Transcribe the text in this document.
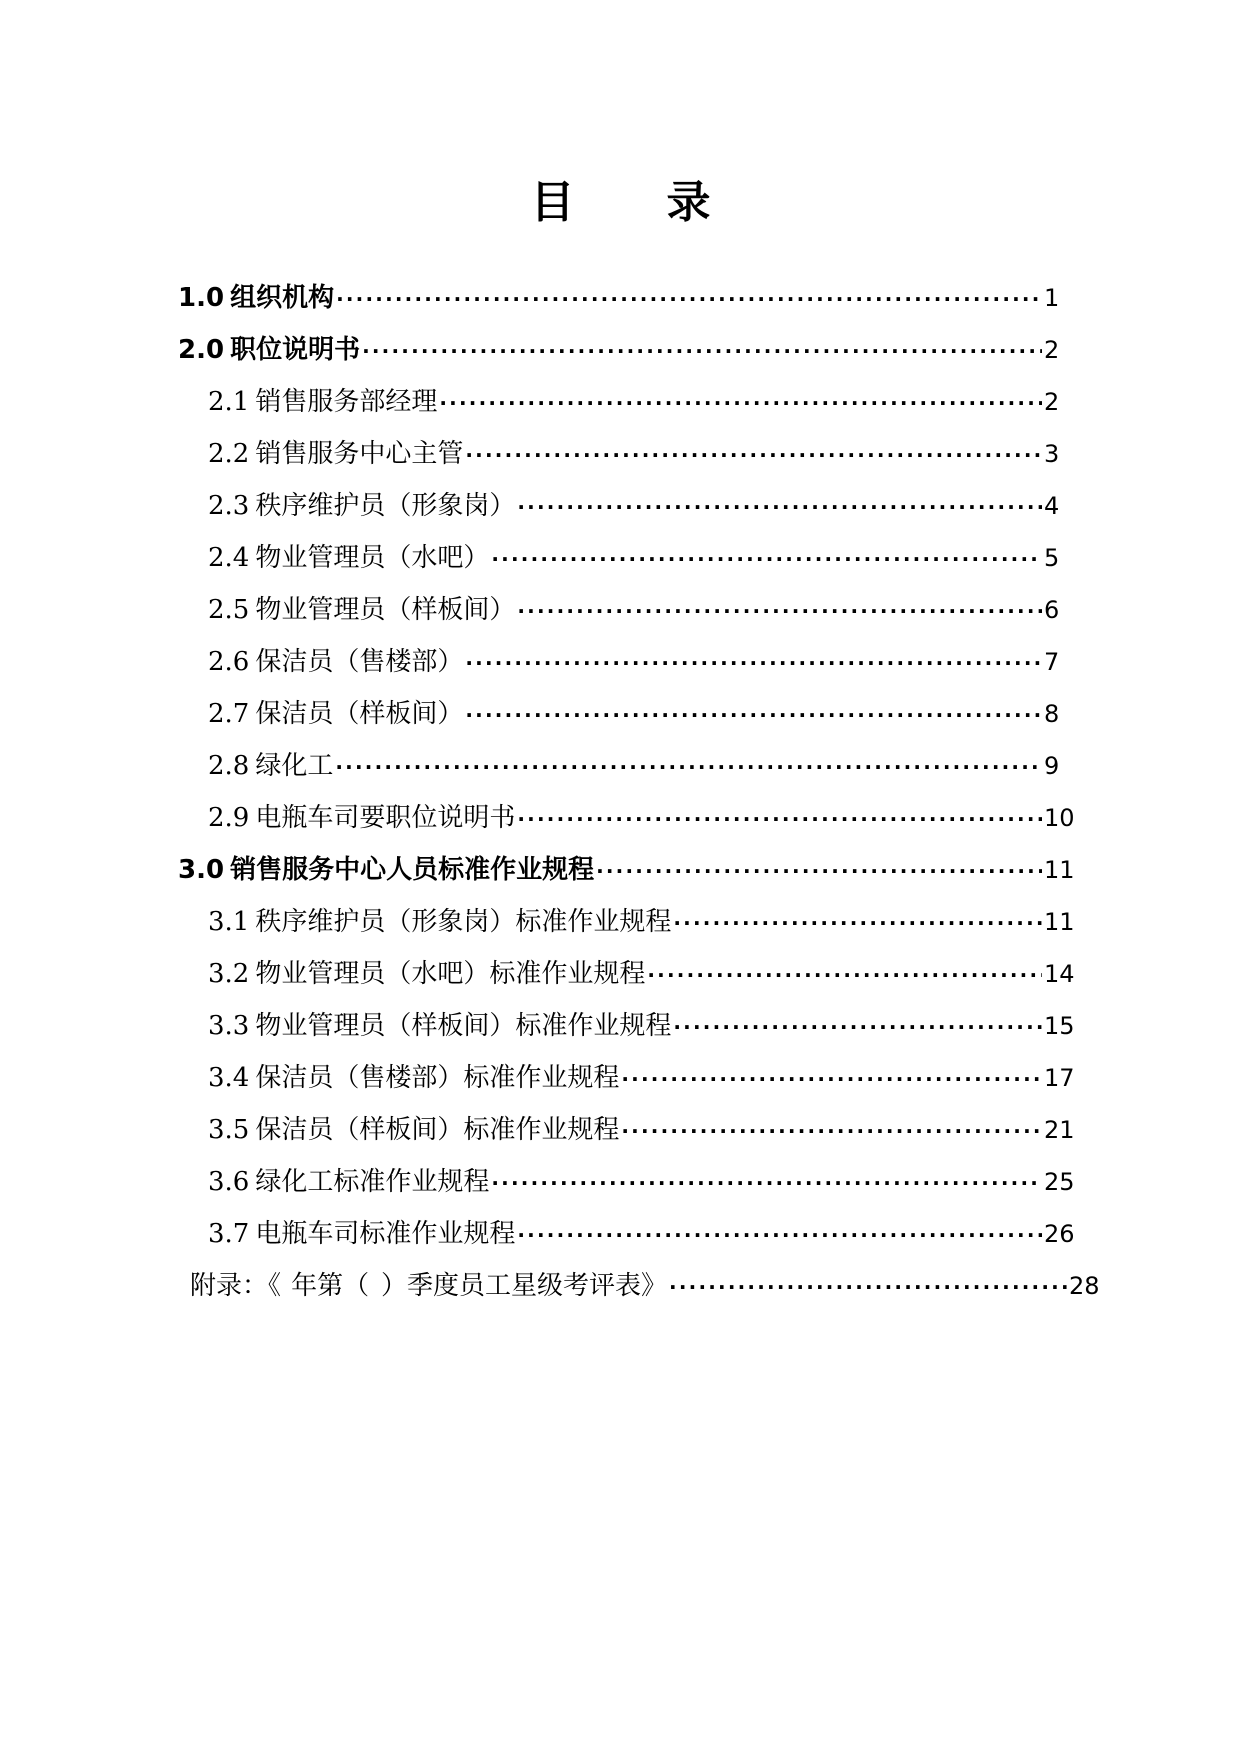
目 录
1.0 组织机构 ·····	1
2.0 职位说明书 ·····	2
2.1 销售服务部经理 ·····	2
2.2 销售服务中心主管 ·····	3
2.3 秩序维护员（形象岗） ·····	4
2.4 物业管理员（水吧） ·····	5
2.5 物业管理员（样板间） ·····	6
2.6 保洁员（售楼部） ·····	7
2.7 保洁员（样板间） ·····	8
2.8 绿化工 ·····	9
2.9 电瓶车司要职位说明书 ·····	10
3.0 销售服务中心人员标准作业规程 ·····	11
3.1 秩序维护员（形象岗）标准作业规程 ·····	11
3.2 物业管理员（水吧）标准作业规程 ·····	14
3.3 物业管理员（样板间）标准作业规程 ·····	15
3.4 保洁员（售楼部）标准作业规程 ·····	17
3.5 保洁员（样板间）标准作业规程 ·····	21
3.6 绿化工标准作业规程 ·····	25
3.7 电瓶车司标准作业规程 ·····	26
附录：《 年第（ ）季度员工星级考评表》 ·····	28
